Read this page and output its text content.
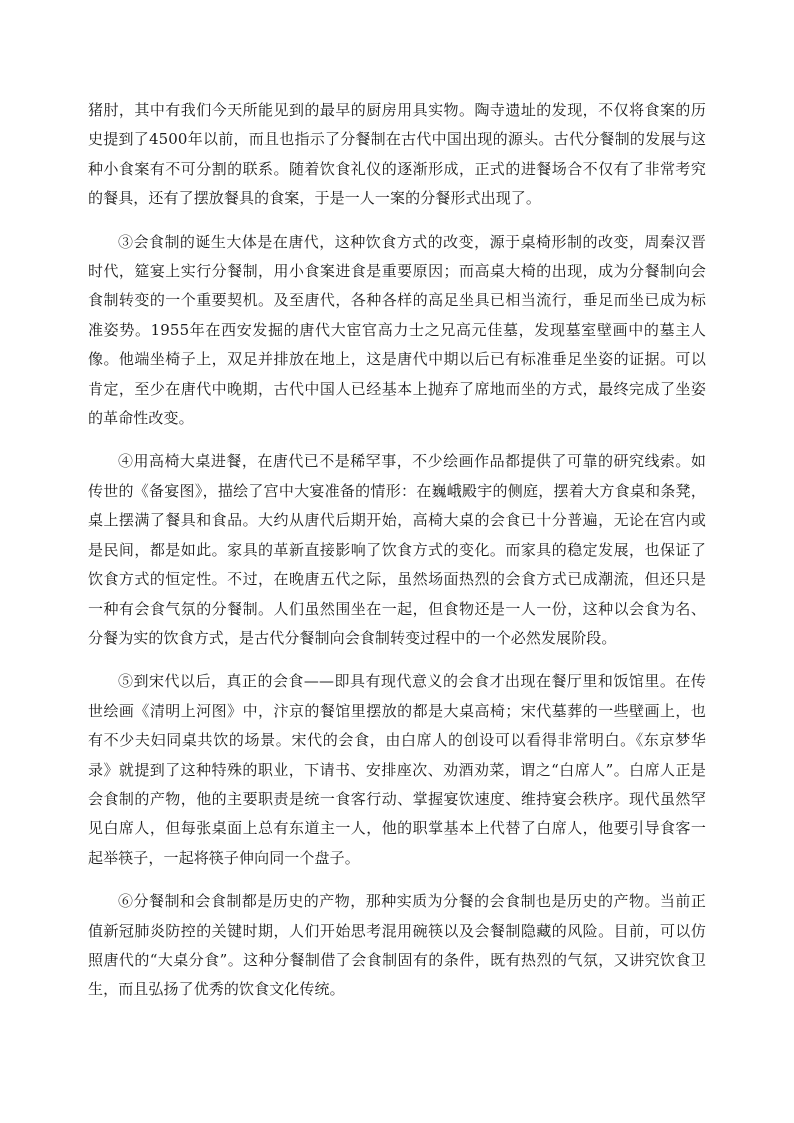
猪肘，其中有我们今天所能见到的最早的厨房用具实物。陶寺遗址的发现，不仅将食案的历史提到了4500年以前，而且也指示了分餐制在古代中国出现的源头。古代分餐制的发展与这种小食案有不可分割的联系。随着饮食礼仪的逐渐形成，正式的进餐场合不仅有了非常考究的餐具，还有了摆放餐具的食案，于是一人一案的分餐形式出现了。

③会食制的诞生大体是在唐代，这种饮食方式的改变，源于桌椅形制的改变，周秦汉晋时代，筵宴上实行分餐制，用小食案进食是重要原因；而高桌大椅的出现，成为分餐制向会食制转变的一个重要契机。及至唐代，各种各样的高足坐具已相当流行，垂足而坐已成为标准姿势。1955年在西安发掘的唐代大宦官高力士之兄高元佳墓，发现墓室壁画中的墓主人像。他端坐椅子上，双足并排放在地上，这是唐代中期以后已有标准垂足坐姿的证据。可以肯定，至少在唐代中晚期，古代中国人已经基本上抛弃了席地而坐的方式，最终完成了坐姿的革命性改变。

④用高椅大桌进餐，在唐代已不是稀罕事，不少绘画作品都提供了可靠的研究线索。如传世的《备宴图》，描绘了宫中大宴准备的情形：在巍峨殿宇的侧庭，摆着大方食桌和条凳，桌上摆满了餐具和食品。大约从唐代后期开始，高椅大桌的会食已十分普遍，无论在宫内或是民间，都是如此。家具的革新直接影响了饮食方式的变化。而家具的稳定发展，也保证了饮食方式的恒定性。不过，在晚唐五代之际，虽然场面热烈的会食方式已成潮流，但还只是一种有会食气氛的分餐制。人们虽然围坐在一起，但食物还是一人一份，这种以会食为名、分餐为实的饮食方式，是古代分餐制向会食制转变过程中的一个必然发展阶段。

⑤到宋代以后，真正的会食——即具有现代意义的会食才出现在餐厅里和饭馆里。在传世绘画《清明上河图》中，汴京的餐馆里摆放的都是大桌高椅；宋代墓葬的一些壁画上，也有不少夫妇同桌共饮的场景。宋代的会食，由白席人的创设可以看得非常明白。《东京梦华录》就提到了这种特殊的职业，下请书、安排座次、劝酒劝菜，谓之“白席人”。白席人正是会食制的产物，他的主要职责是统一食客行动、掌握宴饮速度、维持宴会秩序。现代虽然罕见白席人，但每张桌面上总有东道主一人，他的职掌基本上代替了白席人，他要引导食客一起举筷子，一起将筷子伸向同一个盘子。

⑥分餐制和会食制都是历史的产物，那种实质为分餐的会食制也是历史的产物。当前正值新冠肺炎防控的关键时期，人们开始思考混用碗筷以及会餐制隐藏的风险。目前，可以仿照唐代的“大桌分食”。这种分餐制借了会食制固有的条件，既有热烈的气氛，又讲究饮食卫生，而且弘扬了优秀的饮食文化传统。
